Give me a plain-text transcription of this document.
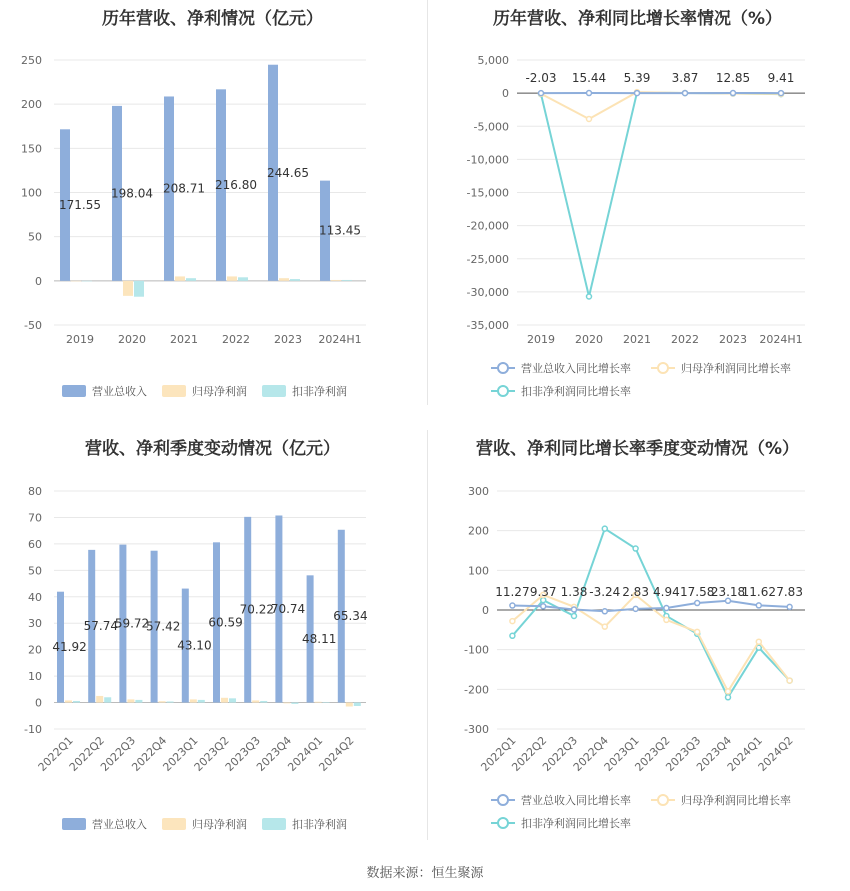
历年营收、净利情况（亿元）
250
200
150
100
50
0
-50
171.55
2019
198.04
2020
208.71
2021
216.80
2022
244.65
2023
113.45
2024H1
营业总收入	归母净利润	扣非净利润
历年营收、净利同比增长率情况（%）
5,000
0
-5,000
-10,000
-15,000
-20,000
-25,000
-30,000
-35,000
-2.03
2019
15.44
2020
5.39
2021
3.87
2022
12.85
2023
9.41
2024H1
营业总收入同比增长率	归母净利润同比增长率
扣非净利润同比增长率
营收、净利季度变动情况（亿元）
80
70
60
50
40
30
20
10
0
-10
41.92
2022Q1
57.74
2022Q2
59.72
2022Q3
57.42
2022Q4
43.10
2023Q1
60.59
2023Q2
70.22
2023Q3
70.74
2023Q4
48.11
2024Q1
65.34
2024Q2
营业总收入	归母净利润	扣非净利润
营收、净利同比增长率季度变动情况（%）
300
200
100
0
-100
-200
-300
11.27
2022Q1
9.37
2022Q2
1.38
2022Q3
-3.24
2022Q4
2.83
2023Q1
4.94
2023Q2
17.58
2023Q3
23.18
2023Q4
11.62
2024Q1
7.83
2024Q2
营业总收入同比增长率	归母净利润同比增长率
扣非净利润同比增长率
数据来源：恒生聚源
